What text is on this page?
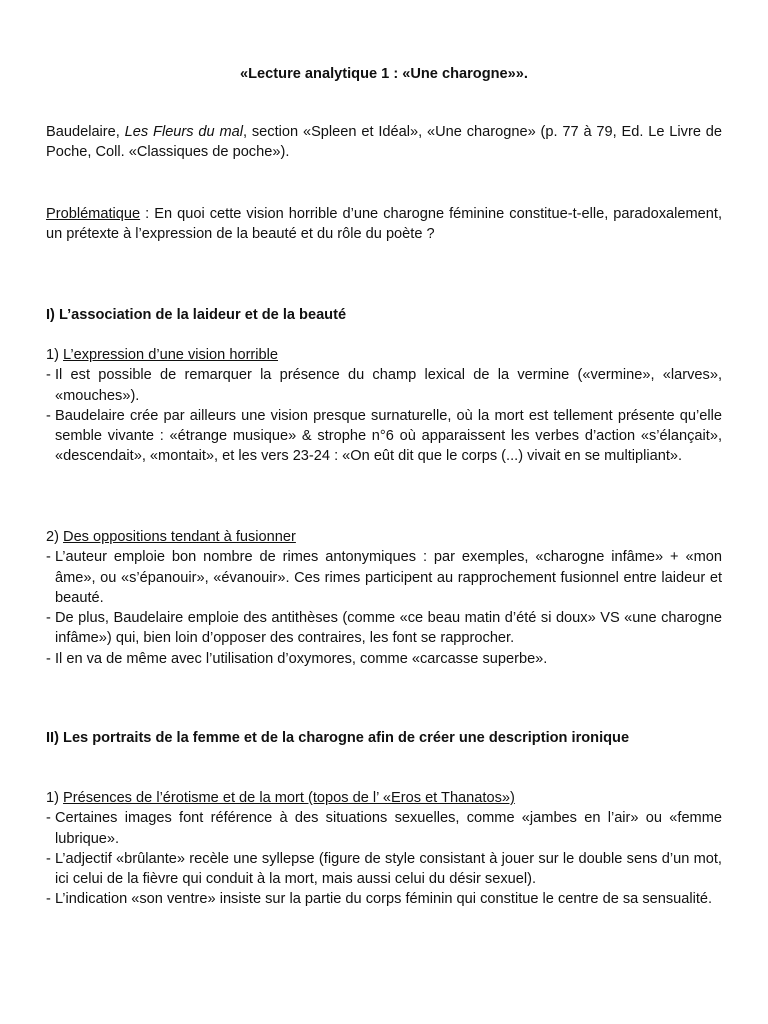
«Lecture analytique 1 : «Une charogne»».
Baudelaire, Les Fleurs du mal, section «Spleen et Idéal», «Une charogne» (p. 77 à 79, Ed. Le Livre de Poche, Coll. «Classiques de poche»).
Problématique : En quoi cette vision horrible d’une charogne féminine constitue-t-elle, paradoxalement, un prétexte à l’expression de la beauté et du rôle du poète ?
I) L’association de la laideur et de la beauté
1) L’expression d’une vision horrible
- Il est possible de remarquer la présence du champ lexical de la vermine («vermine», «larves», «mouches»).
- Baudelaire crée par ailleurs une vision presque surnaturelle, où la mort est tellement présente qu’elle semble vivante : «étrange musique» & strophe n°6 où apparaissent les verbes d’action «s’élançait», «descendait», «montait», et les vers 23-24 : «On eût dit que le corps (...) vivait en se multipliant».
2) Des oppositions tendant à fusionner
- L’auteur emploie bon nombre de rimes antonymiques : par exemples, «charogne infâme» + «mon âme», ou «s’épanouir», «évanouir». Ces rimes participent au rapprochement fusionnel entre laideur et beauté.
- De plus, Baudelaire emploie des antithèses (comme «ce beau matin d’été si doux» VS «une charogne infâme») qui, bien loin d’opposer des contraires, les font se rapprocher.
- Il en va de même avec l’utilisation d’oxymores, comme «carcasse superbe».
II) Les portraits de la femme et de la charogne afin de créer une description ironique
1) Présences de l’érotisme et de la mort (topos de l’ «Eros et Thanatos»)
- Certaines images font référence à des situations sexuelles, comme «jambes en l’air» ou «femme lubrique».
- L’adjectif «brûlante» recèle une syllepse (figure de style consistant à jouer sur le double sens d’un mot, ici celui de la fièvre qui conduit à la mort, mais aussi celui du désir sexuel).
- L’indication «son ventre» insiste sur la partie du corps féminin qui constitue le centre de sa sensualité.
